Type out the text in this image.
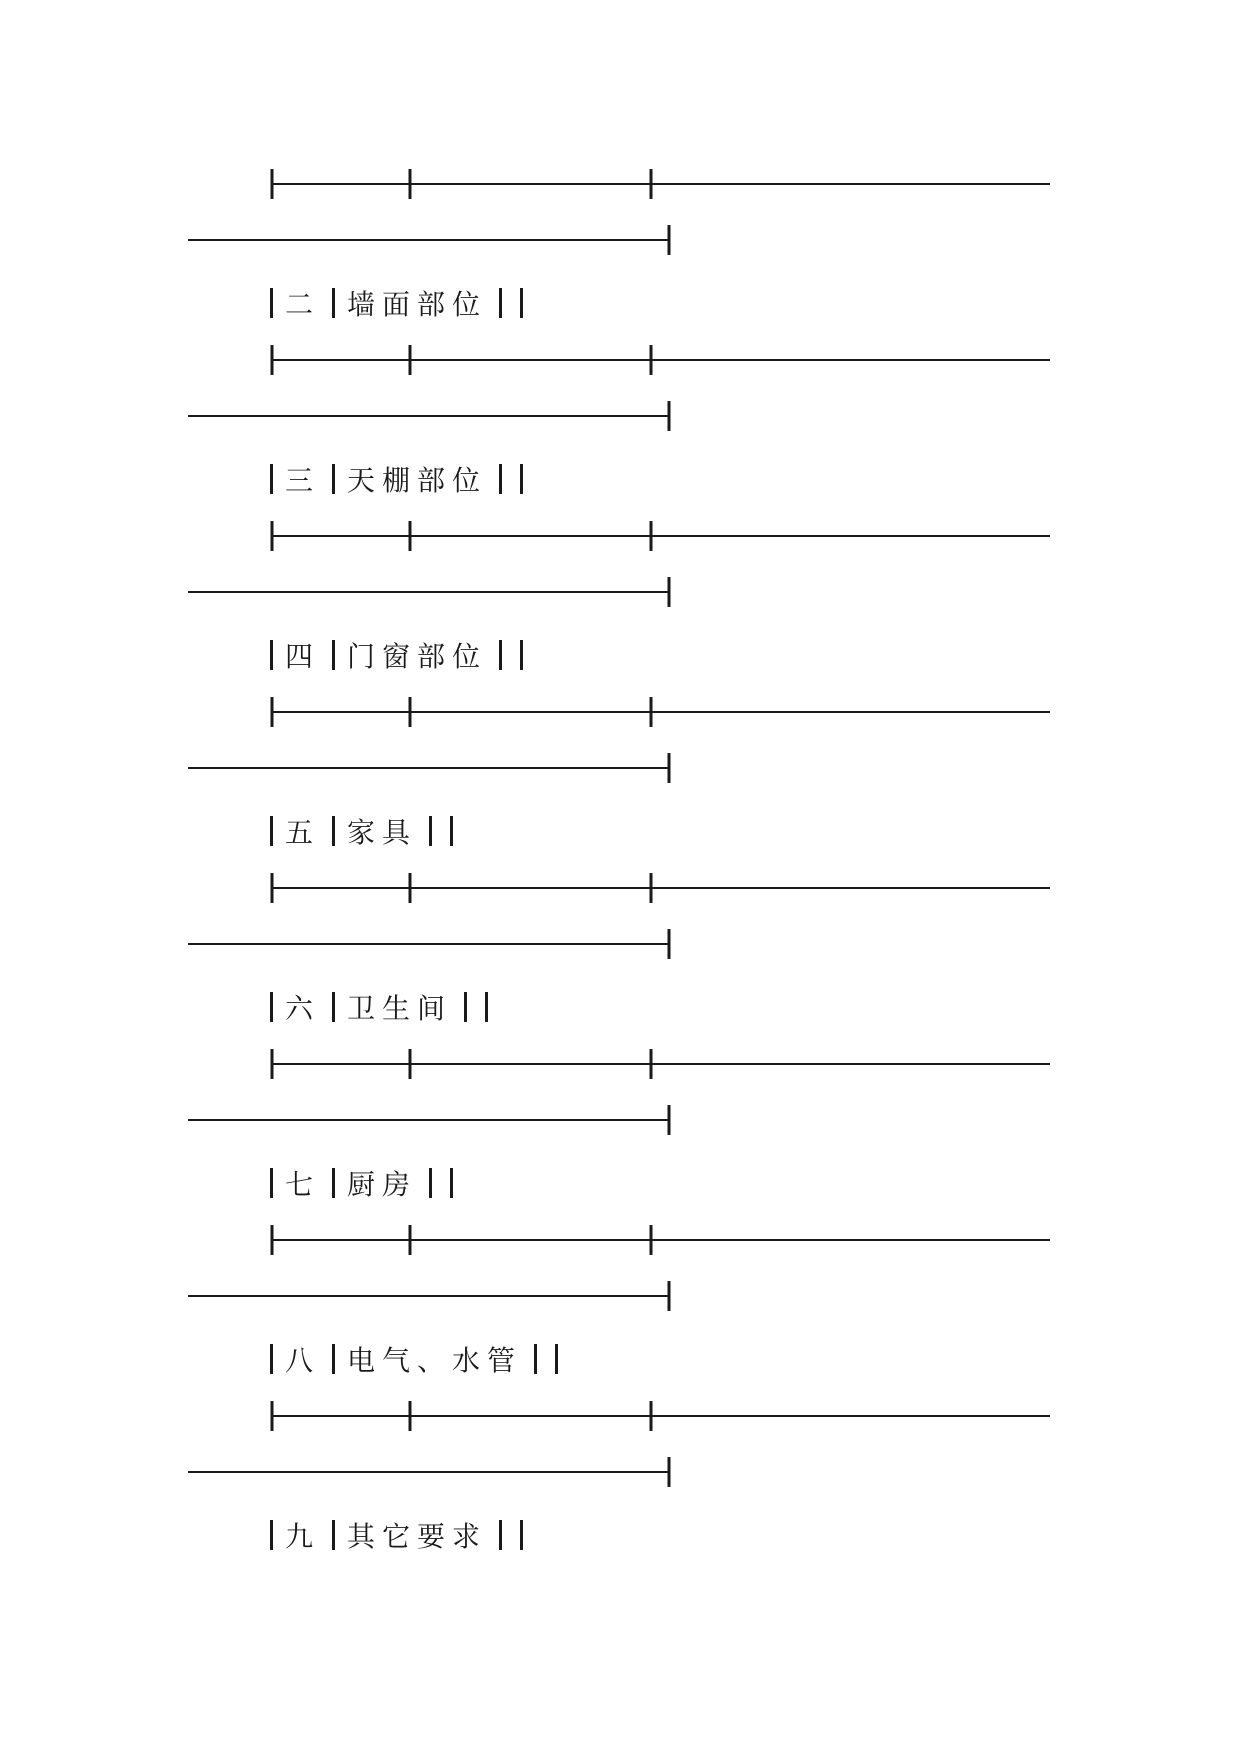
二 墙面部位
三 天棚部位
四 门窗部位
五 家具
六 卫生间
七 厨房
八 电气、水管
九 其它要求
